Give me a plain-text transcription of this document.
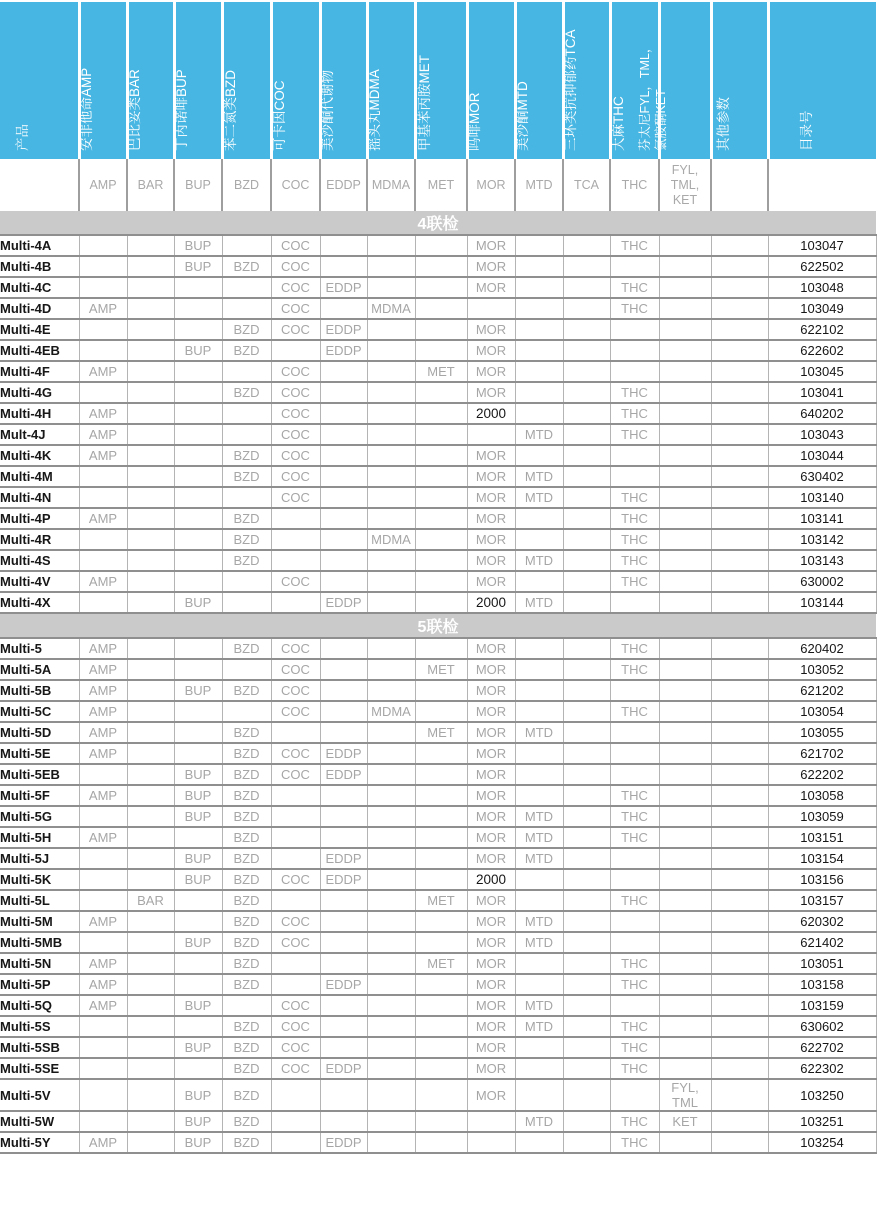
产品	安非他命AMP	巴比妥类BAR	丁丙诺啡BUP	苯二氮类BZD	可卡因COC	美沙酮代谢物	摇头丸MDMA	甲基苯丙胺MET	吗啡MOR	美沙酮MTD	三环类抗抑郁药TCA	大麻THC	芬太尼FYL，TML，氯胺酮KET	其他参数	目录号

	AMP	BAR	BUP	BZD	COC	EDDP	MDMA	MET	MOR	MTD	TCA	THC	FYL, TML, KET		
4联检															
Multi-4A			BUP		COC				MOR			THC			103047
Multi-4B			BUP	BZD	COC				MOR						622502
Multi-4C					COC	EDDP			MOR			THC			103048
Multi-4D	AMP				COC		MDMA					THC			103049
Multi-4E				BZD	COC	EDDP			MOR						622102
Multi-4EB			BUP	BZD		EDDP			MOR						622602
Multi-4F	AMP				COC			MET	MOR						103045
Multi-4G				BZD	COC				MOR			THC			103041
Multi-4H	AMP				COC				2000			THC			640202
Mult-4J	AMP				COC					MTD		THC			103043
Multi-4K	AMP			BZD	COC				MOR						103044
Multi-4M				BZD	COC				MOR	MTD					630402
Multi-4N					COC				MOR	MTD		THC			103140
Multi-4P	AMP			BZD					MOR			THC			103141
Multi-4R				BZD			MDMA		MOR			THC			103142
Multi-4S				BZD					MOR	MTD		THC			103143
Multi-4V	AMP				COC				MOR			THC			630002
Multi-4X			BUP			EDDP			2000	MTD					103144
5联检															
Multi-5	AMP			BZD	COC				MOR			THC			620402
Multi-5A	AMP				COC			MET	MOR			THC			103052
Multi-5B	AMP		BUP	BZD	COC				MOR						621202
Multi-5C	AMP				COC		MDMA		MOR			THC			103054
Multi-5D	AMP			BZD				MET	MOR	MTD					103055
Multi-5E	AMP			BZD	COC	EDDP			MOR						621702
Multi-5EB			BUP	BZD	COC	EDDP			MOR						622202
Multi-5F	AMP		BUP	BZD					MOR			THC			103058
Multi-5G			BUP	BZD					MOR	MTD		THC			103059
Multi-5H	AMP			BZD					MOR	MTD		THC			103151
Multi-5J			BUP	BZD		EDDP			MOR	MTD					103154
Multi-5K			BUP	BZD	COC	EDDP			2000						103156
Multi-5L		BAR		BZD				MET	MOR			THC			103157
Multi-5M	AMP			BZD	COC				MOR	MTD					620302
Multi-5MB			BUP	BZD	COC				MOR	MTD					621402
Multi-5N	AMP			BZD				MET	MOR			THC			103051
Multi-5P	AMP			BZD		EDDP			MOR			THC			103158
Multi-5Q	AMP		BUP		COC				MOR	MTD					103159
Multi-5S				BZD	COC				MOR	MTD		THC			630602
Multi-5SB			BUP	BZD	COC				MOR			THC			622702
Multi-5SE				BZD	COC	EDDP			MOR			THC			622302
Multi-5V			BUP	BZD					MOR				FYL, TML		103250
Multi-5W			BUP	BZD						MTD		THC	KET		103251
Multi-5Y	AMP		BUP	BZD		EDDP						THC			103254
